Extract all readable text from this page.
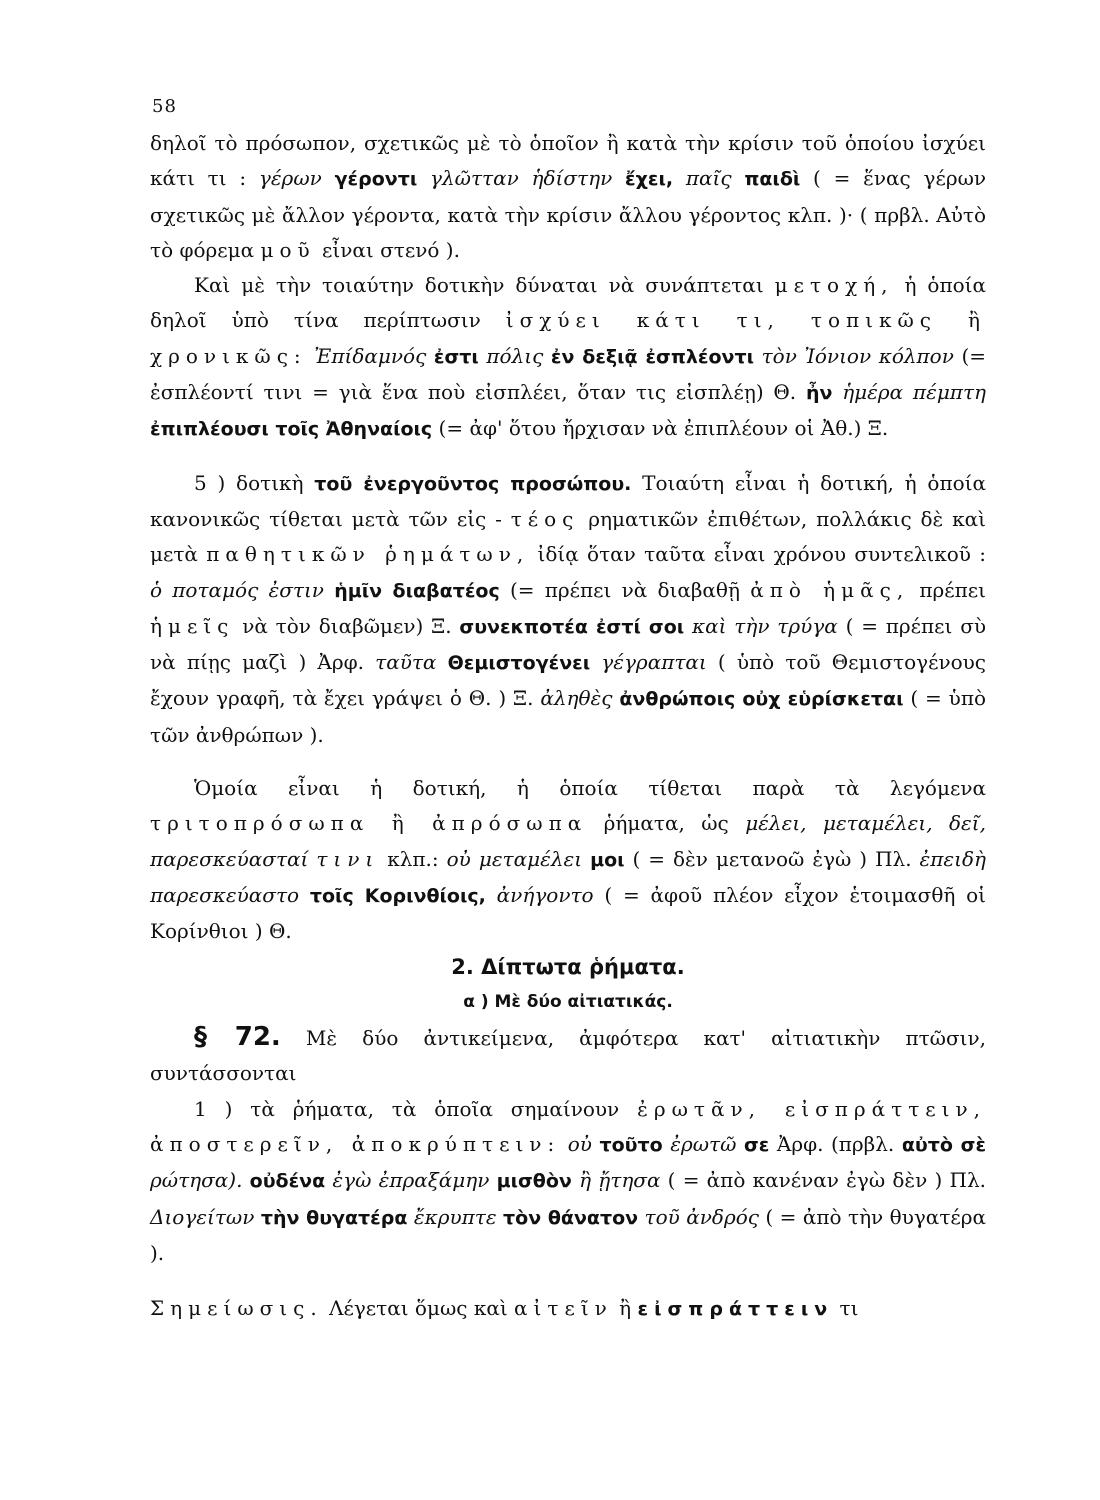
58

δηλοῖ τὸ πρόσωπον, σχετικῶς μὲ τὸ ὁποῖον ἢ κατὰ τὴν κρίσιν τοῦ ὁποίου ἰσχύει κάτι τι : γέρων γέροντι γλῶτταν ἡδίστην ἔχει, παῖς παιδὶ ( = ἕνας γέρων σχετικῶς μὲ ἄλλον γέροντα, κατὰ τὴν κρίσιν ἄλλου γέροντος κλπ. )· ( πρβλ. Αὐτὸ τὸ φόρεμα μοῦ εἶναι στενό ).

Καὶ μὲ τὴν τοιαύτην δοτικὴν δύναται νὰ συνάπτεται μετοχή, ἡ ὁποία δηλοῖ ὑπὸ τίνα περίπτωσιν ἰσχύει κάτι τι, τοπικῶς ἢ χρονικῶς: Ἐπίδαμνός ἐστι πόλις ἐν δεξιᾷ ἐσπλέοντι τὸν Ἰόνιον κόλπον (= ἐσπλέοντί τινι = γιὰ ἕνα ποὺ εἰσπλέει, ὅταν τις εἰσπλέῃ) Θ. ἦν ἡμέρα πέμπτη ἐπιπλέουσι τοῖς Ἀθηναίοις (= ἀφ' ὅτου ἤρχισαν νὰ ἐπιπλέουν οἱ Ἀθ.) Ξ.

5 ) δοτικὴ τοῦ ἐνεργοῦντος προσώπου. Τοιαύτη εἶναι ἡ δοτική, ἡ ὁποία κανονικῶς τίθεται μετὰ τῶν εἰς - τέος ρηματικῶν ἐπιθέτων, πολλάκις δὲ καὶ μετὰ παθητικῶν ῥημάτων, ἰδίᾳ ὅταν ταῦτα εἶναι χρόνου συντελικοῦ : ὁ ποταμός ἐστιν ἡμῖν διαβατέος (= πρέπει νὰ διαβαθῇ ἀπὸ ἡμᾶς, πρέπει ἡμεῖς νὰ τὸν διαβῶμεν) Ξ. συνεκποτέα ἐστί σοι καὶ τὴν τρύγα ( = πρέπει σὺ νὰ πίῃς μαζὶ ) Ἀρφ. ταῦτα Θεμιστογένει γέγραπται ( ὑπὸ τοῦ Θεμιστογένους ἔχουν γραφῆ, τὰ ἔχει γράψει ὁ Θ. ) Ξ. ἀληθὲς ἀνθρώποις οὐχ εὑρίσκεται ( = ὑπὸ τῶν ἀνθρώπων ).

Ὁμοία εἶναι ἡ δοτική, ἡ ὁποία τίθεται παρὰ τὰ λεγόμενα τριτοπρόσωπα ἢ ἀπρόσωπα ῥήματα, ὡς μέλει, μεταμέλει, δεῖ, παρεσκεύασταί τινι κλπ.: οὐ μεταμέλει μοι ( = δὲν μετανοῶ ἐγὼ ) Πλ. ἐπειδὴ παρεσκεύαστο τοῖς Κορινθίοις, ἀνήγοντο ( = ἀφοῦ πλέον εἶχον ἑτοιμασθῆ οἱ Κορίνθιοι ) Θ.

2. Δίπτωτα ῥήματα.

α ) Μὲ δύο αἰτιατικάς.

§ 72. Μὲ δύο ἀντικείμενα, ἀμφότερα κατ' αἰτιατικὴν πτῶσιν, συντάσσονται

1 ) τὰ ῥήματα, τὰ ὁποῖα σημαίνουν ἐρωτᾶν, εἰσπράττειν, ἀποστερεῖν, ἀποκρύπτειν: οὐ τοῦτο ἐρωτῶ σε Ἀρφ. (πρβλ. αὐτὸ σὲ ρώτησα). οὐδένα ἐγὼ ἐπραξάμην μισθὸν ἢ ᾔτησα ( = ἀπὸ κανέναν ἐγὼ δὲν ) Πλ. Διογείτων τὴν θυγατέρα ἔκρυπτε τὸν θάνατον τοῦ ἀνδρός ( = ἀπὸ τὴν θυγατέρα ).

Σημείωσις. Λέγεται ὅμως καὶ αἰτεῖν ἢ εἰσπράττειν τι
